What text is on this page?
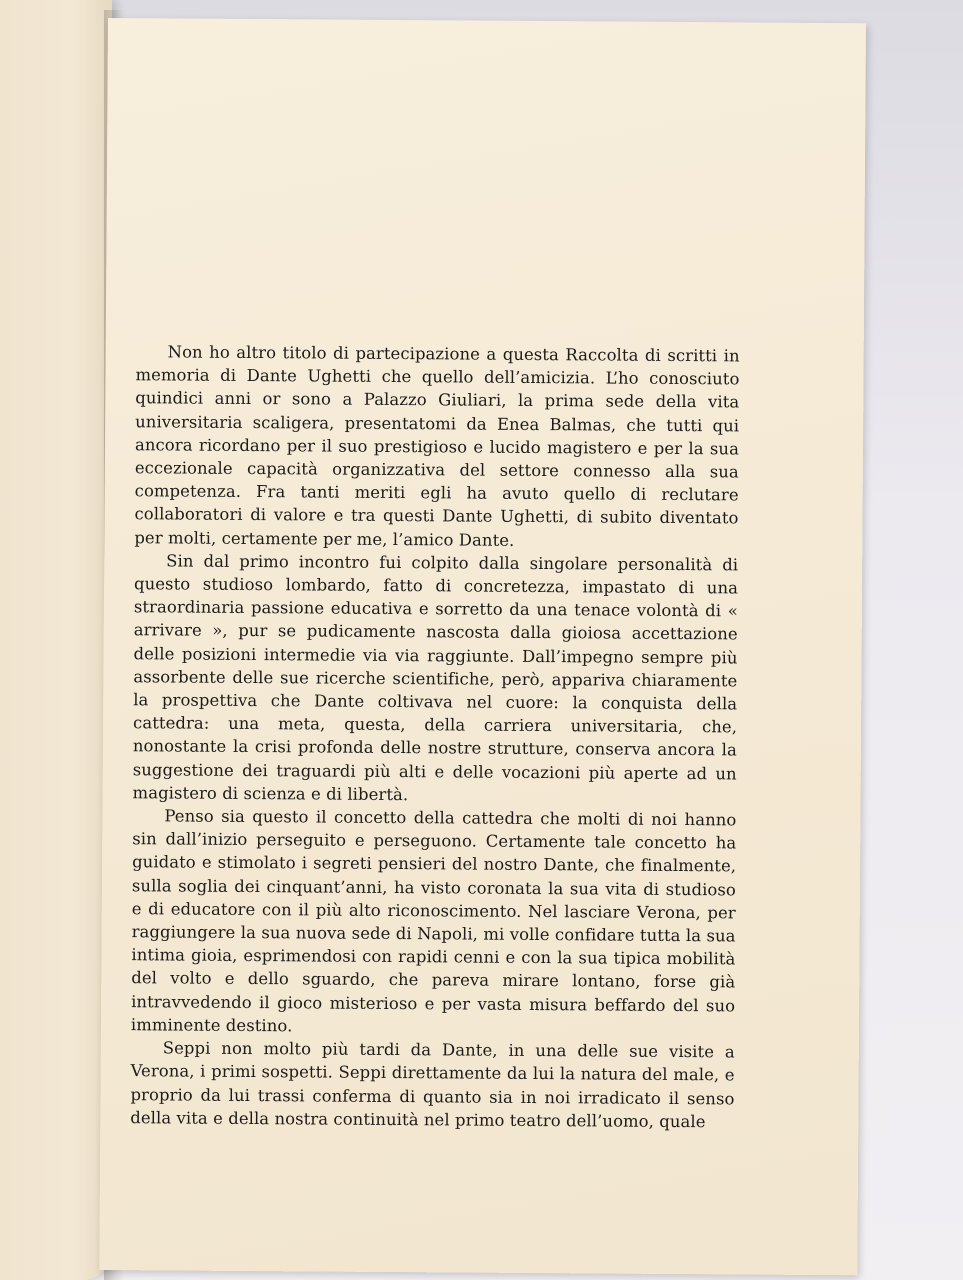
Non ho altro titolo di partecipazione a questa Raccolta di scritti in memoria di Dante Ughetti che quello dell’amicizia. L’ho conosciuto quindici anni or sono a Palazzo Giuliari, la prima sede della vita universitaria scaligera, presentatomi da Enea Balmas, che tutti qui ancora ricordano per il suo prestigioso e lucido magistero e per la sua eccezionale capacità organizzativa del settore connesso alla sua competenza. Fra tanti meriti egli ha avuto quello di reclutare collaboratori di valore e tra questi Dante Ughetti, di subito diventato per molti, certamente per me, l’amico Dante.

Sin dal primo incontro fui colpito dalla singolare personalità di questo studioso lombardo, fatto di concretezza, impastato di una straordinaria passione educativa e sorretto da una tenace volontà di « arrivare », pur se pudicamente nascosta dalla gioiosa accettazione delle posizioni intermedie via via raggiunte. Dall’impegno sempre più assorbente delle sue ricerche scientifiche, però, appariva chiaramente la prospettiva che Dante coltivava nel cuore: la conquista della cattedra: una meta, questa, della carriera universitaria, che, nonostante la crisi profonda delle nostre strutture, conserva ancora la suggestione dei traguardi più alti e delle vocazioni più aperte ad un magistero di scienza e di libertà.

Penso sia questo il concetto della cattedra che molti di noi hanno sin dall’inizio perseguito e perseguono. Certamente tale concetto ha guidato e stimolato i segreti pensieri del nostro Dante, che finalmente, sulla soglia dei cinquant’anni, ha visto coronata la sua vita di studioso e di educatore con il più alto riconoscimento. Nel lasciare Verona, per raggiungere la sua nuova sede di Napoli, mi volle confidare tutta la sua intima gioia, esprimendosi con rapidi cenni e con la sua tipica mobilità del volto e dello sguardo, che pareva mirare lontano, forse già intravvedendo il gioco misterioso e per vasta misura beffardo del suo imminente destino.

Seppi non molto più tardi da Dante, in una delle sue visite a Verona, i primi sospetti. Seppi direttamente da lui la natura del male, e proprio da lui trassi conferma di quanto sia in noi irradicato il senso della vita e della nostra continuità nel primo teatro dell’uomo, quale
